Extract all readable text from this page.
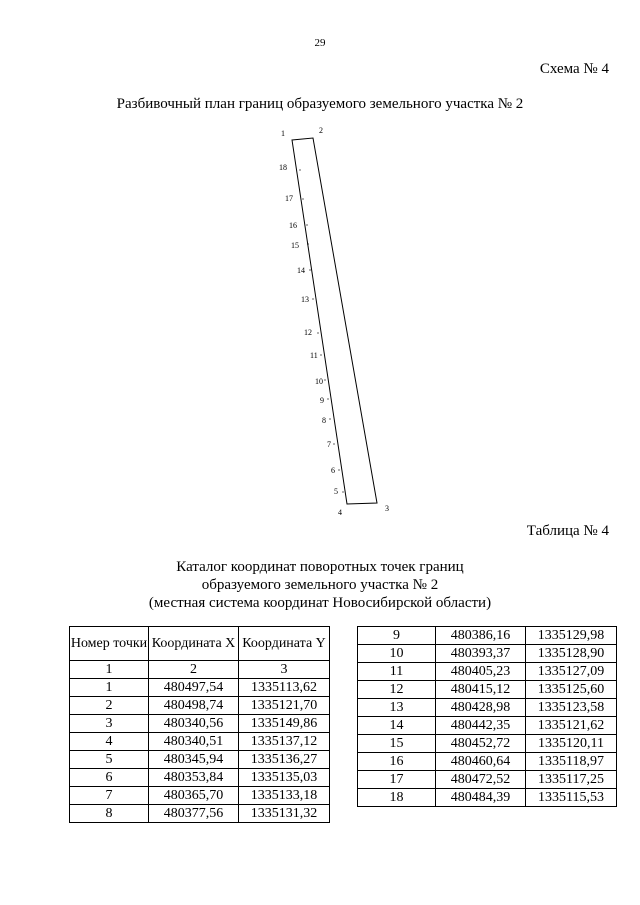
29
Схема № 4
Разбивочный план границ образуемого земельного участка № 2
1	2
3
4
5
6
7
8
9
10
11
12
13
14
15
16
17
18
Таблица № 4
Каталог координат поворотных точек границ
образуемого земельного участка № 2
(местная система координат Новосибирской области)
Номер точки	Координата X	Координата Y
1	2	3
1	480497,54	1335113,62
2	480498,74	1335121,70
3	480340,56	1335149,86
4	480340,51	1335137,12
5	480345,94	1335136,27
6	480353,84	1335135,03
7	480365,70	1335133,18
8	480377,56	1335131,32
9	480386,16	1335129,98
10	480393,37	1335128,90
11	480405,23	1335127,09
12	480415,12	1335125,60
13	480428,98	1335123,58
14	480442,35	1335121,62
15	480452,72	1335120,11
16	480460,64	1335118,97
17	480472,52	1335117,25
18	480484,39	1335115,53
